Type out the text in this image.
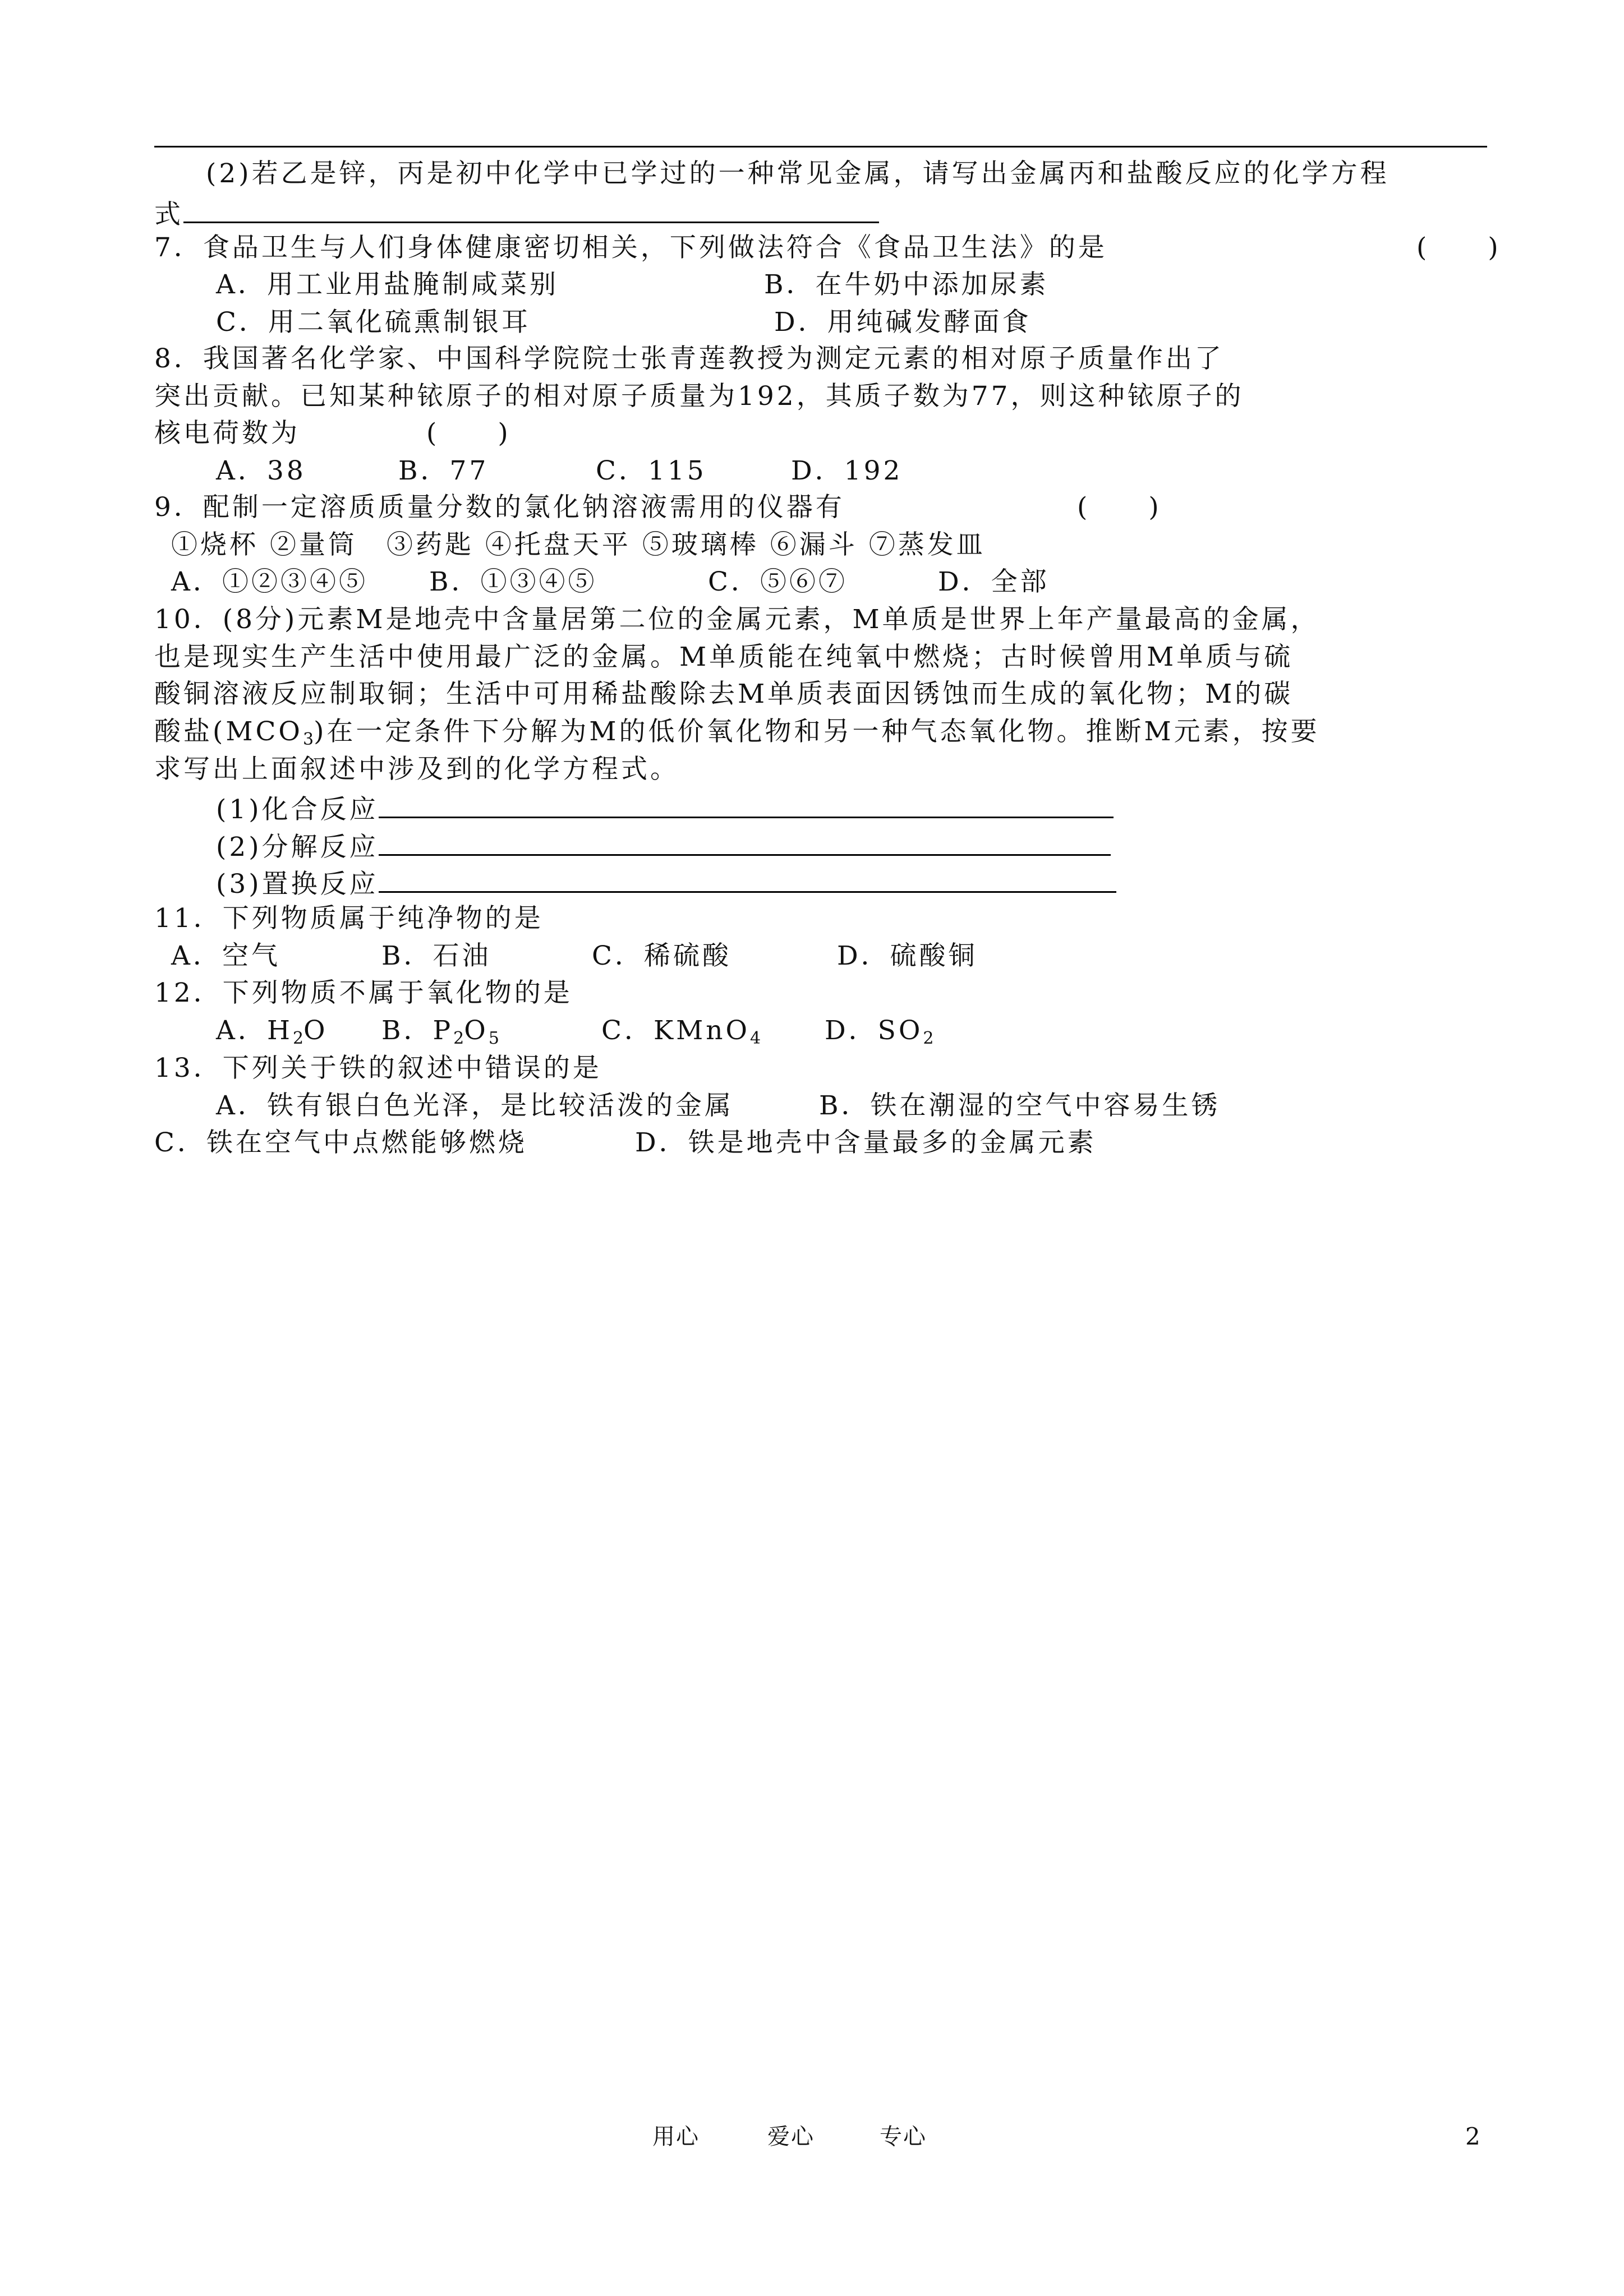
(2)若乙是锌，丙是初中化学中已学过的一种常见金属，请写出金属丙和盐酸反应的化学方程
式
7．食品卫生与人们身体健康密切相关，下列做法符合《食品卫生法》的是	(　　)
A．用工业用盐腌制咸菜别	B．在牛奶中添加尿素
C．用二氧化硫熏制银耳	D．用纯碱发酵面食
8．我国著名化学家、中国科学院院士张青莲教授为测定元素的相对原子质量作出了
突出贡献。已知某种铱原子的相对原子质量为192，其质子数为77，则这种铱原子的
核电荷数为	(　　)
A．38	B．77	C．115	D．192
9．配制一定溶质质量分数的氯化钠溶液需用的仪器有	(　　)
①烧杯 ②量筒　③药匙 ④托盘天平 ⑤玻璃棒 ⑥漏斗 ⑦蒸发皿
A．①②③④⑤ B．①③④⑤	C．⑤⑥⑦	D．全部
10．(8分)元素M是地壳中含量居第二位的金属元素，M单质是世界上年产量最高的金属，
也是现实生产生活中使用最广泛的金属。M单质能在纯氧中燃烧；古时候曾用M单质与硫
酸铜溶液反应制取铜；生活中可用稀盐酸除去M单质表面因锈蚀而生成的氧化物；M的碳
酸盐$(MCO_3)$在一定条件下分解为M的低价氧化物和另一种气态氧化物。推断M元素，按要
求写出上面叙述中涉及到的化学方程式。
(1)化合反应
(2)分解反应
(3)置换反应
11．下列物质属于纯净物的是
A．空气	B．石油	C．稀硫酸	D．硫酸铜
12．下列物质不属于氧化物的是
A．$H_2O$ B．$P_2O_5$	C．KMnO$_4$ D．$SO_2$
13．下列关于铁的叙述中错误的是
A．铁有银白色光泽，是比较活泼的金属	B．铁在潮湿的空气中容易生锈
C．铁在空气中点燃能够燃烧	D．铁是地壳中含量最多的金属元素
用心	爱心	专心	2
